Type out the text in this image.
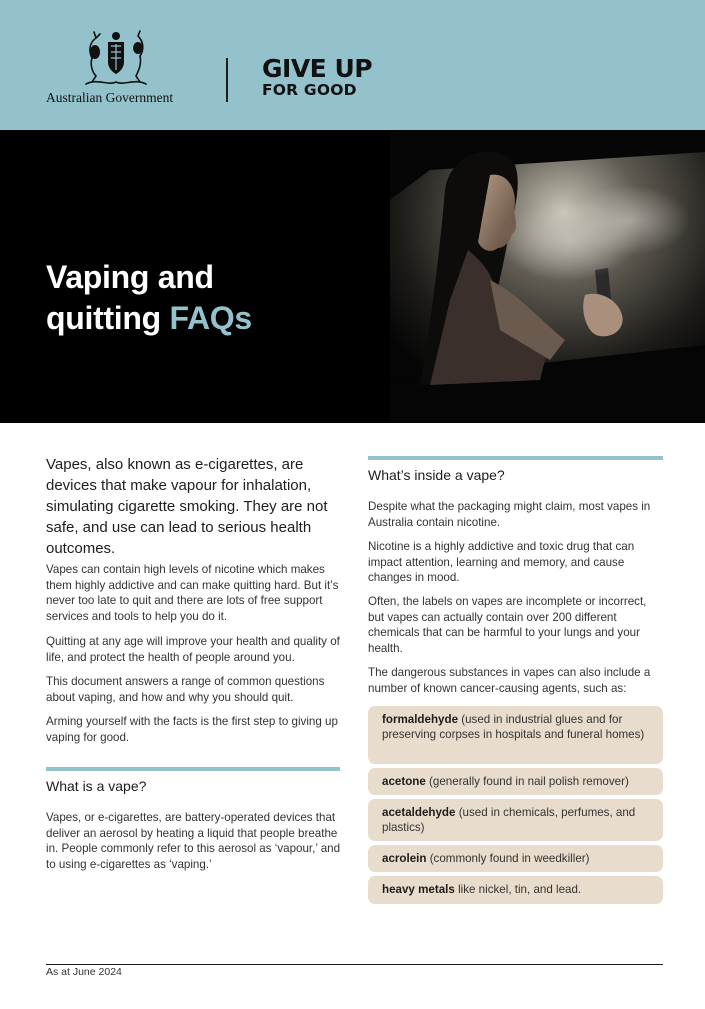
Australian Government
GIVE UP
FOR GOOD
Vaping and
quitting FAQs
Vapes, also known as e-cigarettes, are devices that make vapour for inhalation, simulating cigarette smoking. They are not safe, and use can lead to serious health outcomes.
Vapes can contain high levels of nicotine which makes them highly addictive and can make quitting hard. But it’s never too late to quit and there are lots of free support services and tools to help you do it.
Quitting at any age will improve your health and quality of life, and protect the health of people around you.
This document answers a range of common questions about vaping, and how and why you should quit.
Arming yourself with the facts is the first step to giving up vaping for good.
What is a vape?
Vapes, or e-cigarettes, are battery-operated devices that deliver an aerosol by heating a liquid that people breathe in. People commonly refer to this aerosol as ‘vapour,’ and to using e-cigarettes as ‘vaping.’
What’s inside a vape?
Despite what the packaging might claim, most vapes in Australia contain nicotine.
Nicotine is a highly addictive and toxic drug that can impact attention, learning and memory, and cause changes in mood.
Often, the labels on vapes are incomplete or incorrect, but vapes can actually contain over 200 different chemicals that can be harmful to your lungs and your health.
The dangerous substances in vapes can also include a number of known cancer-causing agents, such as:
formaldehyde (used in industrial glues and for preserving corpses in hospitals and funeral homes)
acetone (generally found in nail polish remover)
acetaldehyde (used in chemicals, perfumes, and plastics)
acrolein (commonly found in weedkiller)
heavy metals like nickel, tin, and lead.
As at June 2024
